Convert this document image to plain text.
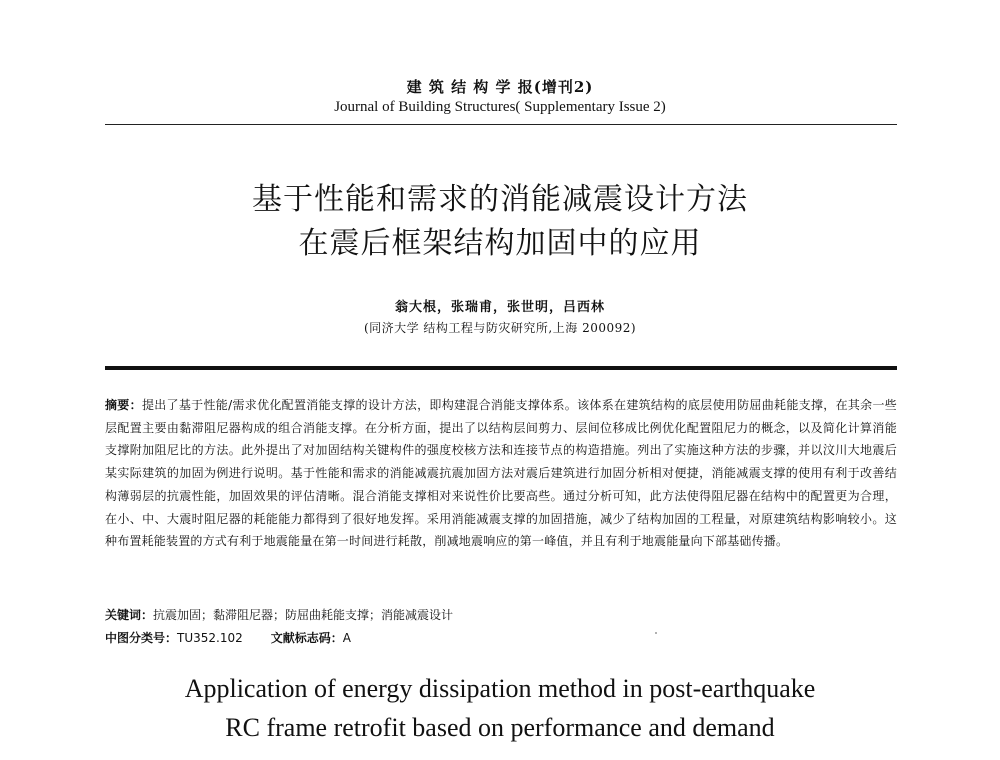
建 筑 结 构 学 报(增刊2)
Journal of Building Structures( Supplementary Issue 2)
基于性能和需求的消能减震设计方法
在震后框架结构加固中的应用
翁大根，张瑞甫，张世明，吕西林
(同济大学 结构工程与防灾研究所,上海 200092)
摘要：提出了基于性能/需求优化配置消能支撑的设计方法，即构建混合消能支撑体系。该体系在建筑结构的底层使用防屈曲耗能支撑，在其余一些层配置主要由黏滞阻尼器构成的组合消能支撑。在分析方面，提出了以结构层间剪力、层间位移成比例优化配置阻尼力的概念，以及简化计算消能支撑附加阻尼比的方法。此外提出了对加固结构关键构件的强度校核方法和连接节点的构造措施。列出了实施这种方法的步骤，并以汶川大地震后某实际建筑的加固为例进行说明。基于性能和需求的消能减震抗震加固方法对震后建筑进行加固分析相对便捷，消能减震支撑的使用有利于改善结构薄弱层的抗震性能，加固效果的评估清晰。混合消能支撑相对来说性价比要高些。通过分析可知，此方法使得阻尼器在结构中的配置更为合理，在小、中、大震时阻尼器的耗能能力都得到了很好地发挥。采用消能减震支撑的加固措施，减少了结构加固的工程量，对原建筑结构影响较小。这种布置耗能装置的方式有利于地震能量在第一时间进行耗散，削减地震响应的第一峰值，并且有利于地震能量向下部基础传播。
关键词：抗震加固；黏滞阻尼器；防屈曲耗能支撑；消能减震设计
中图分类号：TU352.102 文献标志码：A
Application of energy dissipation method in post-earthquake
RC frame retrofit based on performance and demand
